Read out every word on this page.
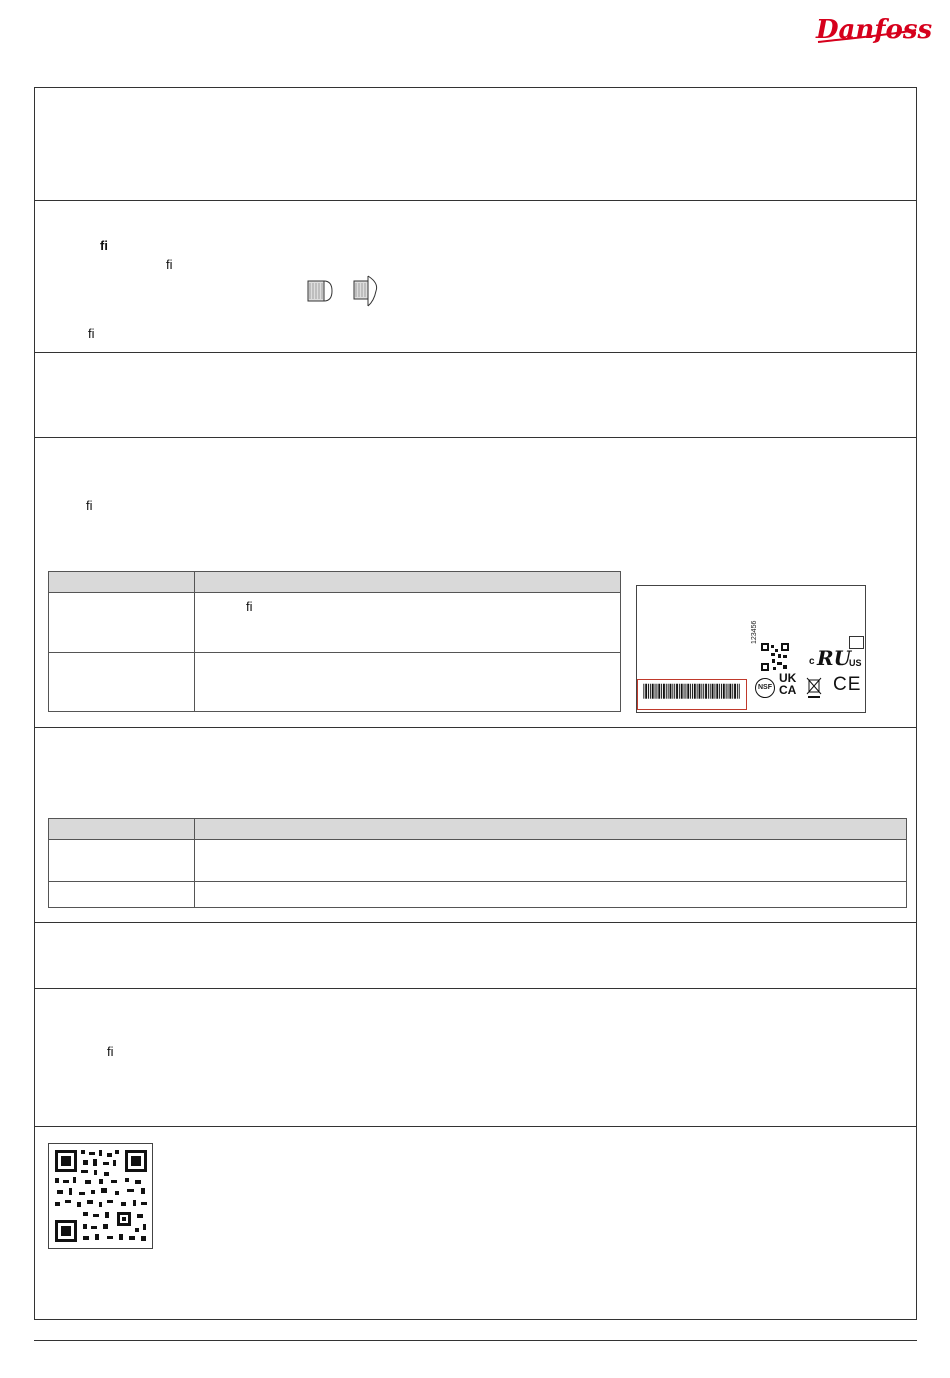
Danfoss
ﬁ
ﬁ
ﬁ
ﬁ
ﬁ
ﬁ
123456
c RU
US
NSF
UK
CA CE
